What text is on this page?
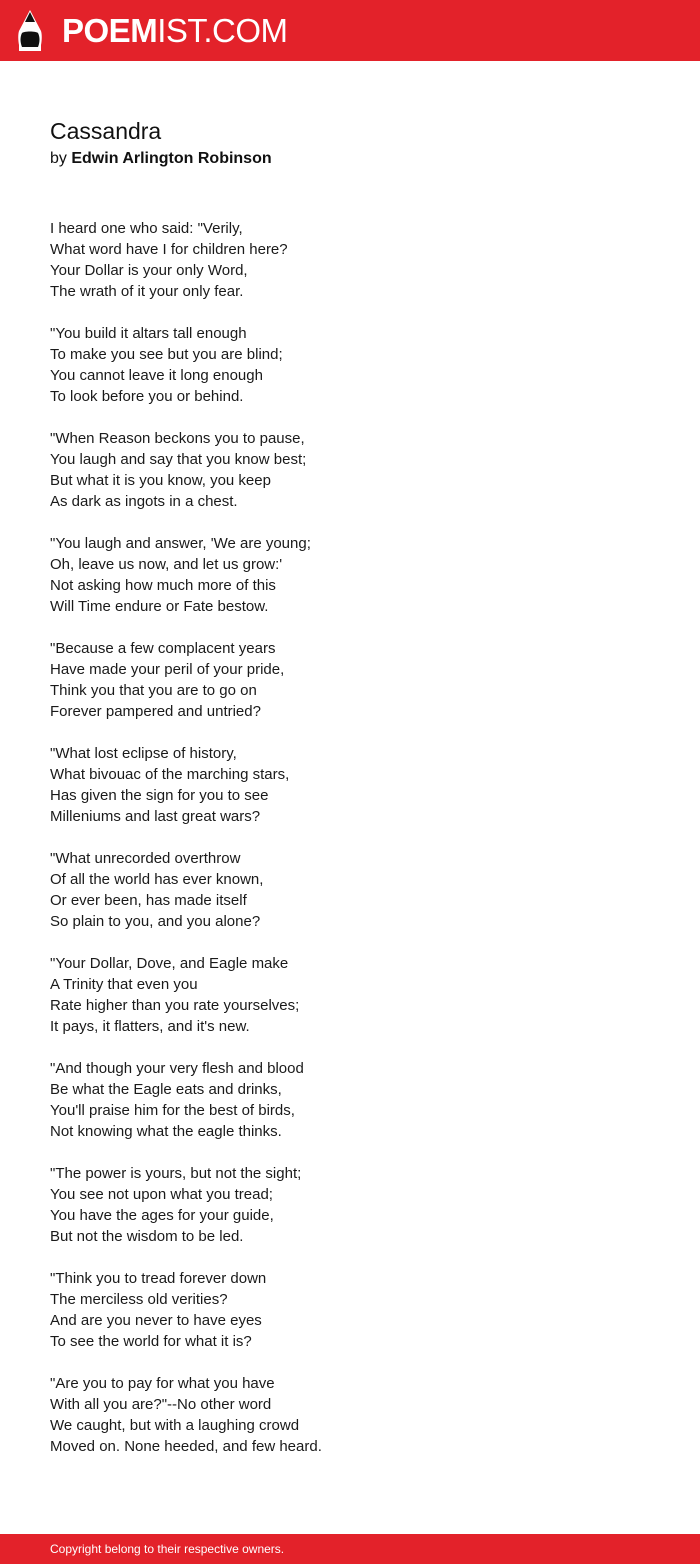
POEMIST.COM
Cassandra
by Edwin Arlington Robinson
I heard one who said: "Verily,
What word have I for children here?
Your Dollar is your only Word,
The wrath of it your only fear.
"You build it altars tall enough
To make you see but you are blind;
You cannot leave it long enough
To look before you or behind.
"When Reason beckons you to pause,
You laugh and say that you know best;
But what it is you know, you keep
As dark as ingots in a chest.
"You laugh and answer, 'We are young;
Oh, leave us now, and let us grow:'
Not asking how much more of this
Will Time endure or Fate bestow.
"Because a few complacent years
Have made your peril of your pride,
Think you that you are to go on
Forever pampered and untried?
"What lost eclipse of history,
What bivouac of the marching stars,
Has given the sign for you to see
Milleniums and last great wars?
"What unrecorded overthrow
Of all the world has ever known,
Or ever been, has made itself
So plain to you, and you alone?
"Your Dollar, Dove, and Eagle make
A Trinity that even you
Rate higher than you rate yourselves;
It pays, it flatters, and it's new.
"And though your very flesh and blood
Be what the Eagle eats and drinks,
You'll praise him for the best of birds,
Not knowing what the eagle thinks.
"The power is yours, but not the sight;
You see not upon what you tread;
You have the ages for your guide,
But not the wisdom to be led.
"Think you to tread forever down
The merciless old verities?
And are you never to have eyes
To see the world for what it is?
"Are you to pay for what you have
With all you are?"--No other word
We caught, but with a laughing crowd
Moved on. None heeded, and few heard.
Copyright belong to their respective owners.
